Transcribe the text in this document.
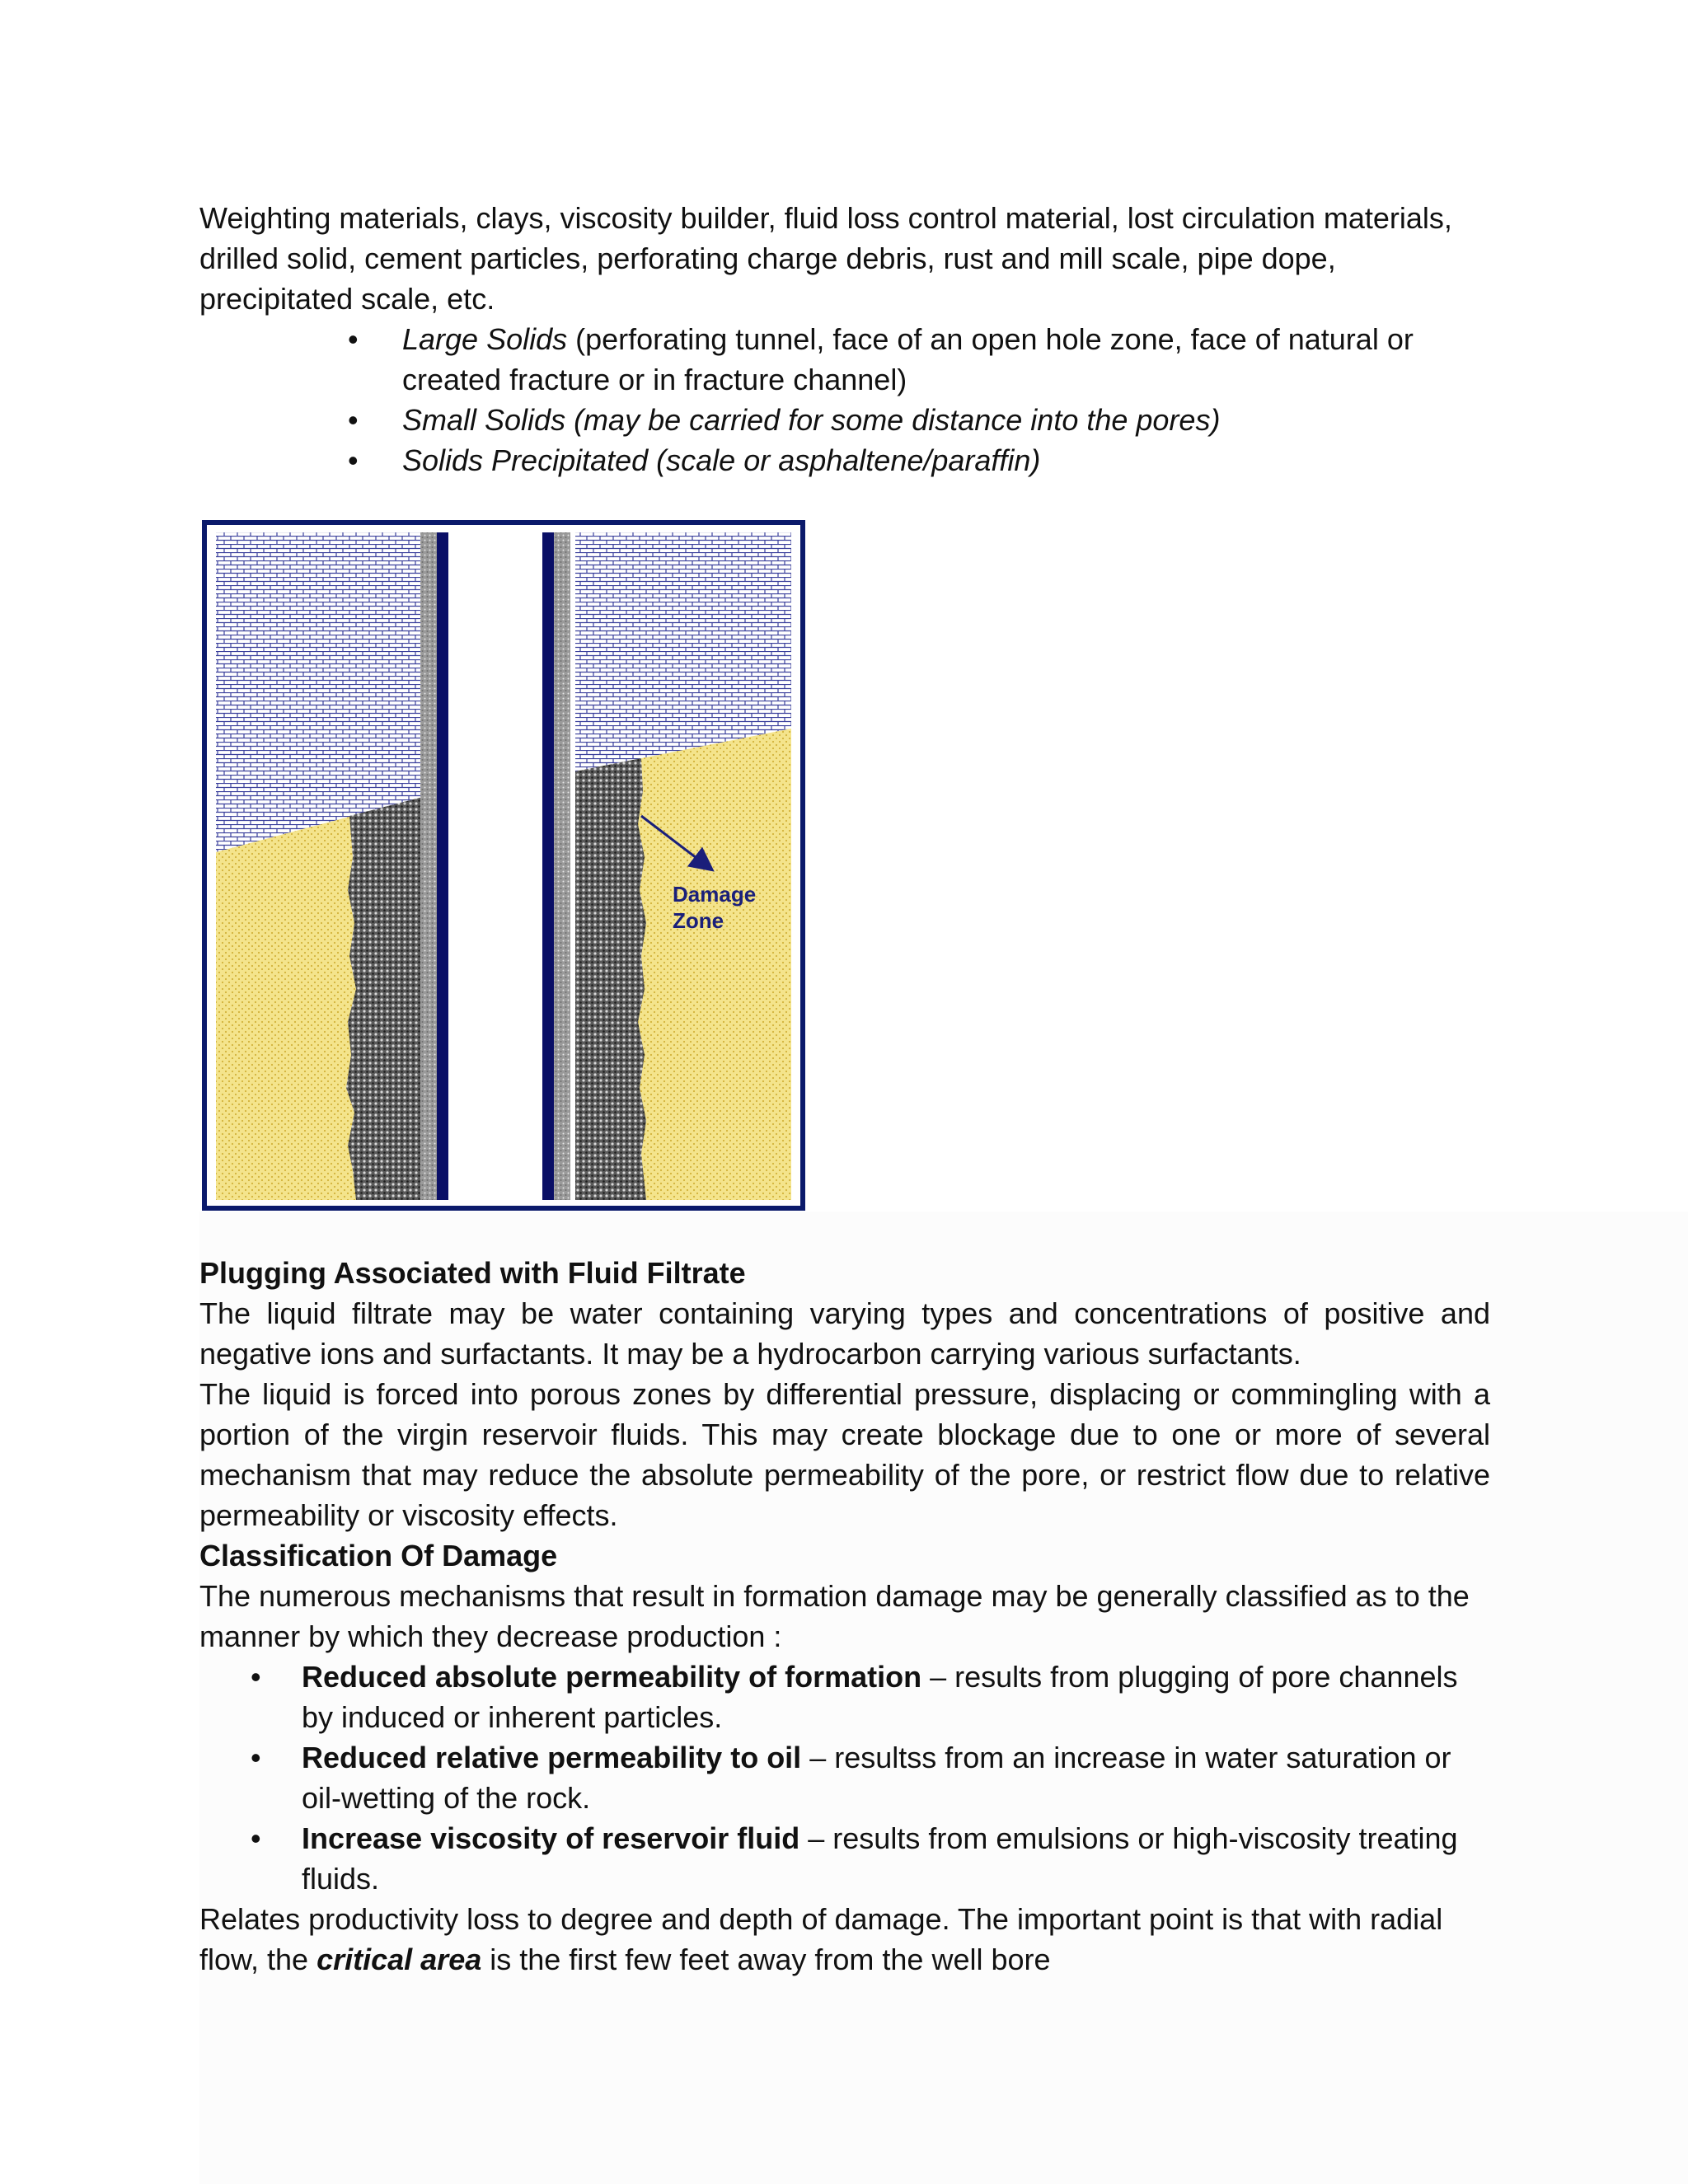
Weighting materials, clays, viscosity builder, fluid loss control material, lost circulation materials, drilled solid, cement particles, perforating charge debris, rust and mill scale, pipe dope, precipitated scale, etc.

• Large Solids (perforating tunnel, face of an open hole zone, face of natural or created fracture or in fracture channel)
• Small Solids (may be carried for some distance into the pores)
• Solids Precipitated (scale or asphaltene/paraffin)
Damage
Zone

Plugging Associated with Fluid Filtrate

The liquid filtrate may be water containing varying types and concentrations of positive and negative ions and surfactants. It may be a hydrocarbon carrying various surfactants.

The liquid is forced into porous zones by differential pressure, displacing or commingling with a portion of the virgin reservoir fluids. This may create blockage due to one or more of several mechanism that may reduce the absolute permeability of the pore, or restrict flow due to relative permeability or viscosity effects.

Classification Of Damage

The numerous mechanisms that result in formation damage may be generally classified as to the manner by which they decrease production :

• Reduced absolute permeability of formation – results from plugging of pore channels by induced or inherent particles.
• Reduced relative permeability to oil – resultss from an increase in water saturation or oil-wetting of the rock.
• Increase viscosity of reservoir fluid – results from emulsions or high-viscosity treating fluids.

Relates productivity loss to degree and depth of damage. The important point is that with radial flow, the critical area is the first few feet away from the well bore
